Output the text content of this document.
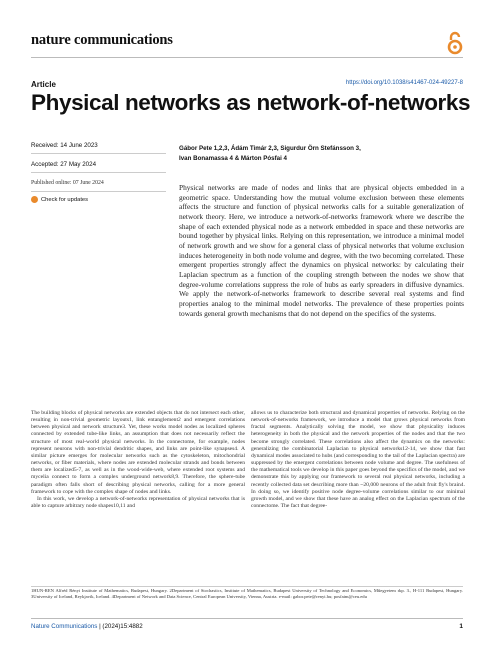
nature communications
Article	https://doi.org/10.1038/s41467-024-49227-8
Physical networks as network-of-networks
Received: 14 June 2023
Accepted: 27 May 2024
Published online: 07 June 2024
Check for updates
Gábor Pete 1,2,3, Ádám Timár 2,3, Sigurdur Örn Stefánsson 3,
Ivan Bonamassa 4 & Márton Pósfai 4
Physical networks are made of nodes and links that are physical objects embedded in a geometric space. Understanding how the mutual volume exclusion between these elements affects the structure and function of physical networks calls for a suitable generalization of network theory. Here, we introduce a network-of-networks framework where we describe the shape of each extended physical node as a network embedded in space and these networks are bound together by physical links. Relying on this representation, we introduce a minimal model of network growth and we show for a general class of physical networks that volume exclusion induces heterogeneity in both node volume and degree, with the two becoming correlated. These emergent properties strongly affect the dynamics on physical networks: by calculating their Laplacian spectrum as a function of the coupling strength between the nodes we show that degree-volume correlations suppress the role of hubs as early spreaders in diffusive dynamics. We apply the network-of-networks framework to describe several real systems and find properties analog to the minimal model networks. The prevalence of these properties points towards general growth mechanisms that do not depend on the specifics of the systems.

The building blocks of physical networks are extended objects that do not intersect each other, resulting in non-trivial geometric layouts1, link entanglement2 and emergent correlations between physical and network structure3. Yet, these works model nodes as localized spheres connected by extended tube-like links, an assumption that does not necessarily reflect the structure of most real-world physical networks. In the connectome, for example, nodes represent neurons with non-trivial dendritic shapes, and links are point-like synapses4. A similar picture emerges for molecular networks such as the cytoskeleton, mitochondrial networks, or fiber materials, where nodes are extended molecular strands and bonds between them are localized5-7, as well as in the wood-wide-web, where extended root systems and mycelia connect to form a complex underground network8,9. Therefore, the sphere-tube paradigm often falls short of describing physical networks, calling for a more general framework to cope with the complex shape of nodes and links.

In this work, we develop a network-of-networks representation of physical networks that is able to capture arbitrary node shapes10,11 and

allows us to characterize both structural and dynamical properties of networks. Relying on the network-of-networks framework, we introduce a model that grows physical networks from fractal segments. Analytically solving the model, we show that physicality induces heterogeneity in both the physical and the network properties of the nodes and that the two become strongly correlated. These correlations also affect the dynamics on the networks: generalizing the combinatorial Laplacian to physical networks12-14, we show that fast dynamical modes associated to hubs (and corresponding to the tail of the Laplacian spectra) are suppressed by the emergent correlations between node volume and degree. The usefulness of the mathematical tools we develop in this paper goes beyond the specifics of the model, and we demonstrate this by applying our framework to several real physical networks, including a recently collected data set describing more than ~20,000 neurons of the adult fruit fly's brain4. In doing so, we identify positive node degree-volume correlations similar to our minimal growth model, and we show that these have an analog effect on the Laplacian spectrum of the connectome. The fact that degree-

1HUN-REN Alfréd Rényi Institute of Mathematics, Budapest, Hungary. 2Department of Stochastics, Institute of Mathematics, Budapest University of Technology and Economics, Műegyetem rkp. 3., H-111 Budapest, Hungary. 3University of Iceland, Reykjavik, Iceland. 4Department of Network and Data Science, Central European University, Vienna, Austria. e-mail: gabor.pete@renyi.hu; posfaim@ceu.edu
Nature Communications | (2024)15:4882	1
